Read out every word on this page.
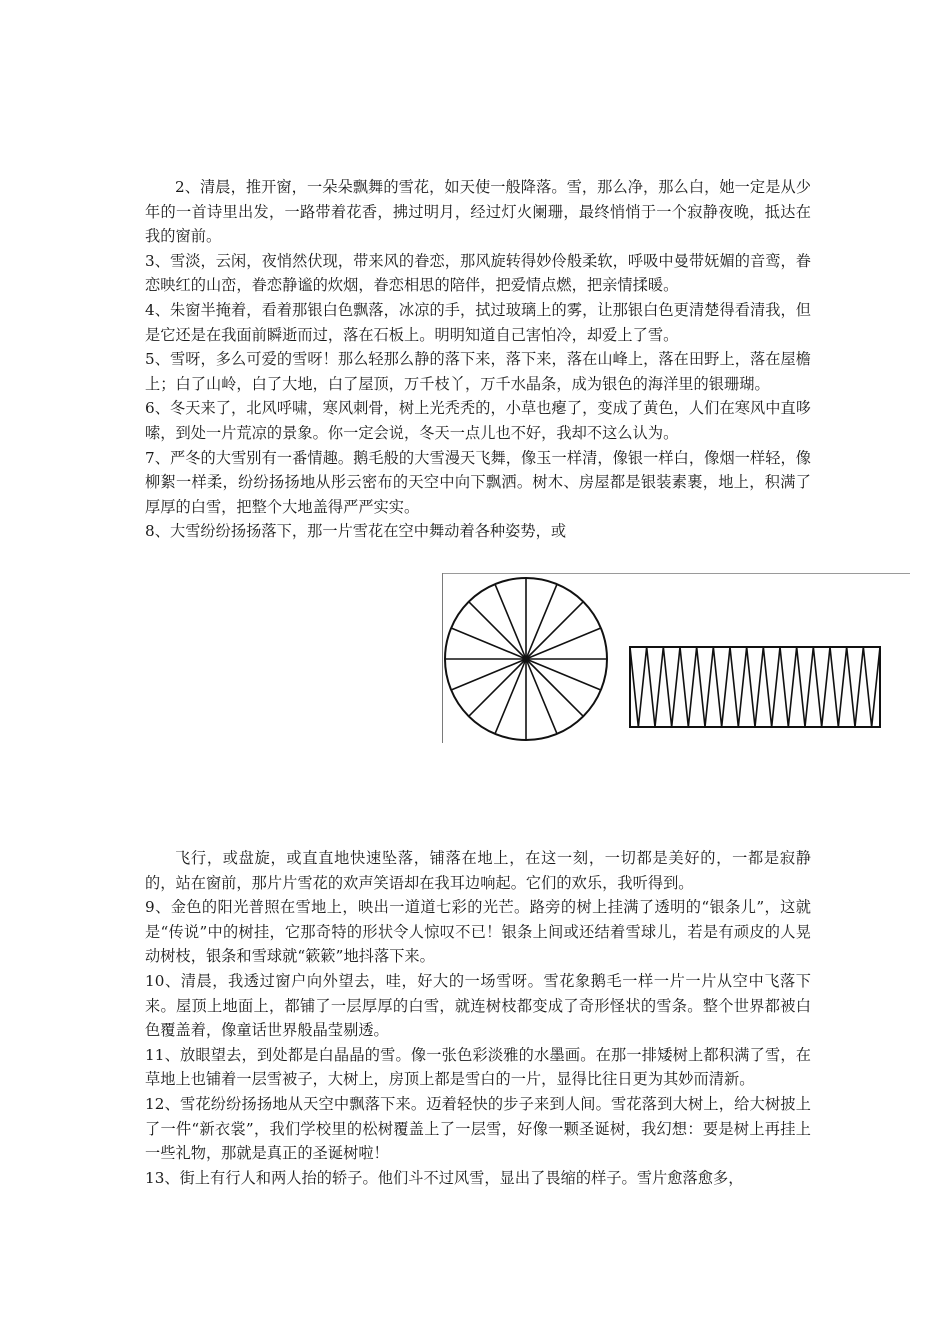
2、清晨，推开窗，一朵朵飘舞的雪花，如天使一般降落。雪，那么净，那么白，她一定是从少年的一首诗里出发，一路带着花香，拂过明月，经过灯火阑珊，最终悄悄于一个寂静夜晚，抵达在我的窗前。

3、雪淡，云闲，夜悄然伏现，带来风的眷恋，那风旋转得妙伶般柔软，呼吸中曼带妩媚的音鸾，眷恋映红的山峦，眷恋静谧的炊烟，眷恋相思的陪伴，把爱情点燃，把亲情揉暖。

4、朱窗半掩着，看着那银白色飘落，冰凉的手，拭过玻璃上的雾，让那银白色更清楚得看清我，但是它还是在我面前瞬逝而过，落在石板上。明明知道自己害怕冷，却爱上了雪。

5、雪呀，多么可爱的雪呀！那么轻那么静的落下来，落下来，落在山峰上，落在田野上，落在屋檐上；白了山岭，白了大地，白了屋顶，万千枝丫，万千水晶条，成为银色的海洋里的银珊瑚。

6、冬天来了，北风呼啸，寒风刺骨，树上光秃秃的，小草也瘪了，变成了黄色，人们在寒风中直哆嗦，到处一片荒凉的景象。你一定会说，冬天一点儿也不好，我却不这么认为。

7、严冬的大雪别有一番情趣。鹅毛般的大雪漫天飞舞，像玉一样清，像银一样白，像烟一样轻，像柳絮一样柔，纷纷扬扬地从彤云密布的天空中向下飘洒。树木、房屋都是银装素裹，地上，积满了厚厚的白雪，把整个大地盖得严严实实。

8、大雪纷纷扬扬落下，那一片雪花在空中舞动着各种姿势，或

飞行，或盘旋，或直直地快速坠落，铺落在地上，在这一刻，一切都是美好的，一都是寂静的，站在窗前，那片片雪花的欢声笑语却在我耳边响起。它们的欢乐，我听得到。

9、金色的阳光普照在雪地上，映出一道道七彩的光芒。路旁的树上挂满了透明的“银条儿”，这就是“传说”中的树挂，它那奇特的形状令人惊叹不已！银条上间或还结着雪球儿，若是有顽皮的人晃动树枝，银条和雪球就“簌簌”地抖落下来。

10、清晨，我透过窗户向外望去，哇，好大的一场雪呀。雪花象鹅毛一样一片一片从空中飞落下来。屋顶上地面上，都铺了一层厚厚的白雪，就连树枝都变成了奇形怪状的雪条。整个世界都被白色覆盖着，像童话世界般晶莹剔透。

11、放眼望去，到处都是白晶晶的雪。像一张色彩淡雅的水墨画。在那一排矮树上都积满了雪，在草地上也铺着一层雪被子，大树上，房顶上都是雪白的一片，显得比往日更为其妙而清新。

12、雪花纷纷扬扬地从天空中飘落下来。迈着轻快的步子来到人间。雪花落到大树上，给大树披上了一件“新衣裳”，我们学校里的松树覆盖上了一层雪，好像一颗圣诞树，我幻想：要是树上再挂上一些礼物，那就是真正的圣诞树啦！

13、街上有行人和两人抬的轿子。他们斗不过风雪，显出了畏缩的样子。雪片愈落愈多，
